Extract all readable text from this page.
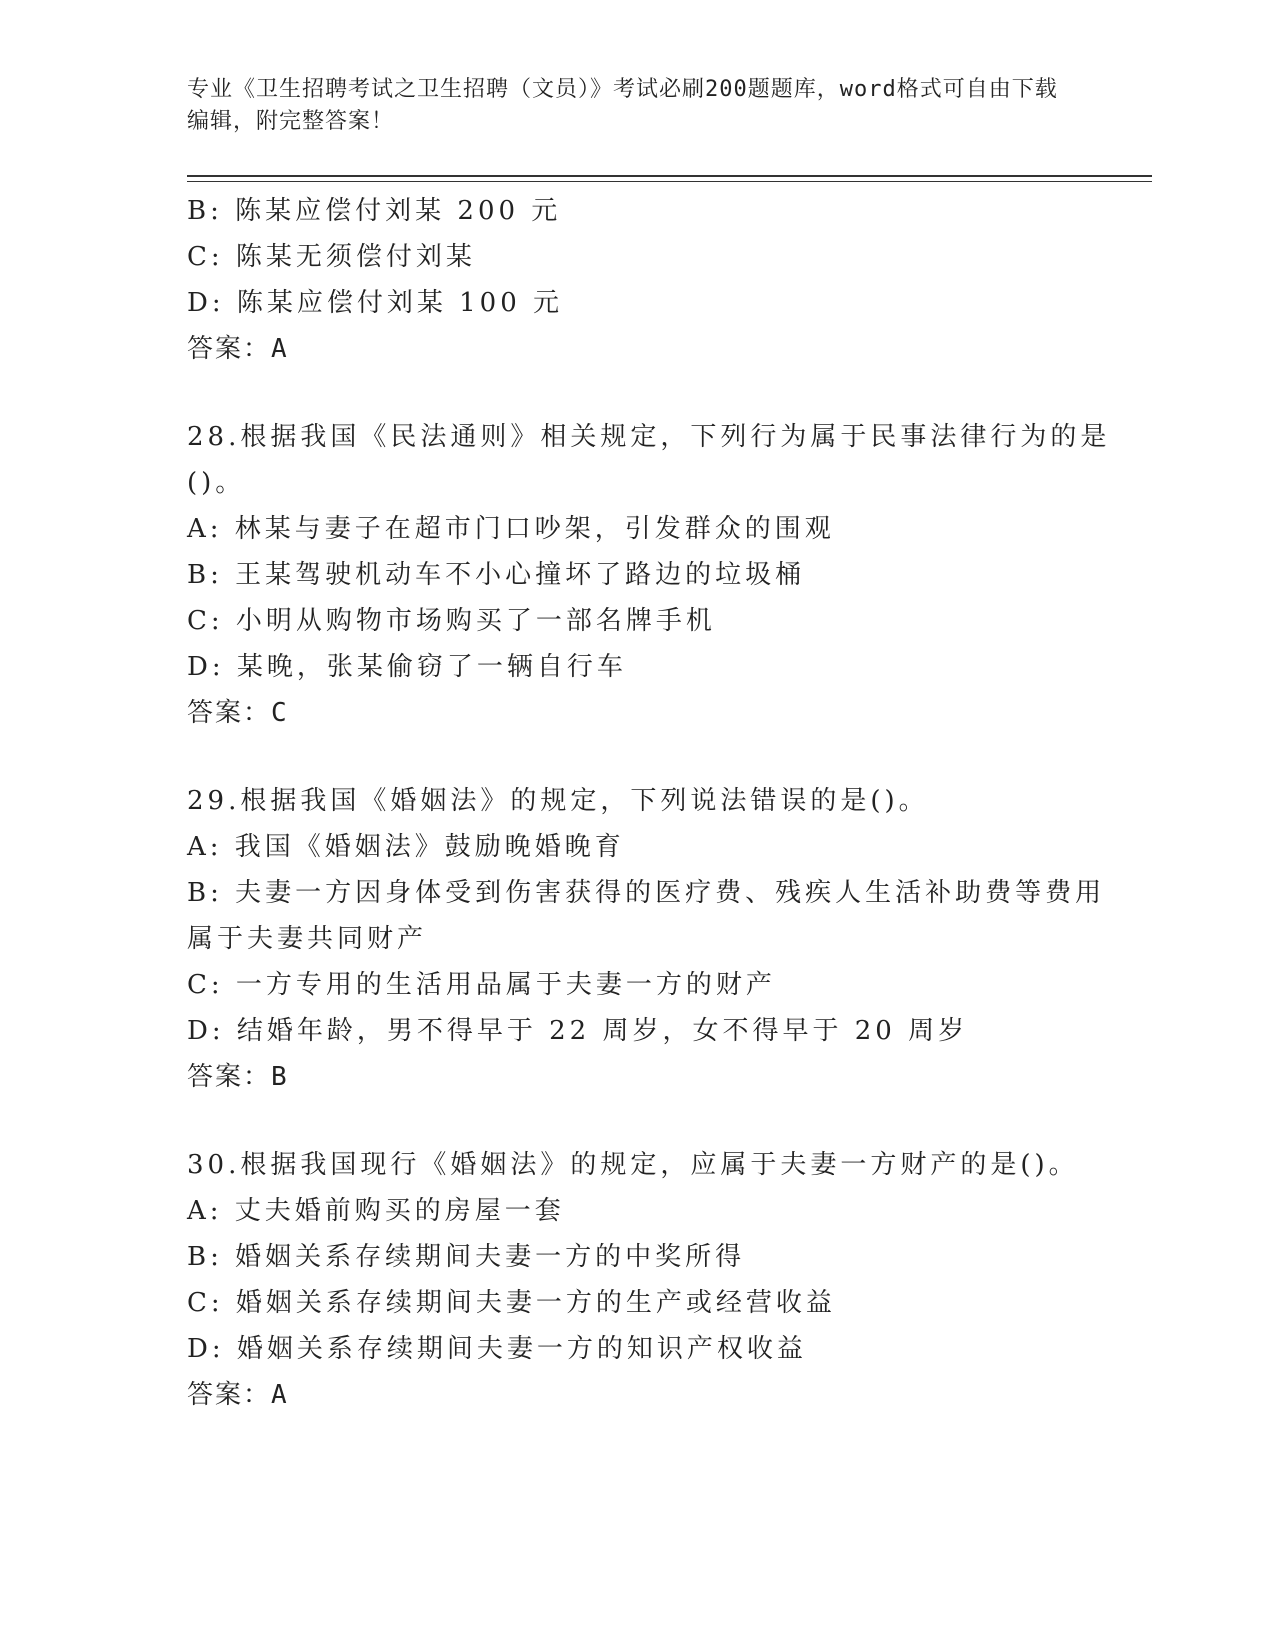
专业《卫生招聘考试之卫生招聘（文员）》考试必刷200题题库，word格式可自由下载编辑，附完整答案！
B: 陈某应偿付刘某 200 元
C: 陈某无须偿付刘某
D: 陈某应偿付刘某 100 元
答案：A
28.根据我国《民法通则》相关规定，下列行为属于民事法律行为的是
()。
A: 林某与妻子在超市门口吵架，引发群众的围观
B: 王某驾驶机动车不小心撞坏了路边的垃圾桶
C: 小明从购物市场购买了一部名牌手机
D: 某晚，张某偷窃了一辆自行车
答案：C
29.根据我国《婚姻法》的规定，下列说法错误的是()。
A: 我国《婚姻法》鼓励晚婚晚育
B: 夫妻一方因身体受到伤害获得的医疗费、残疾人生活补助费等费用
属于夫妻共同财产
C: 一方专用的生活用品属于夫妻一方的财产
D: 结婚年龄，男不得早于 22 周岁，女不得早于 20 周岁
答案：B
30.根据我国现行《婚姻法》的规定，应属于夫妻一方财产的是()。
A: 丈夫婚前购买的房屋一套
B: 婚姻关系存续期间夫妻一方的中奖所得
C: 婚姻关系存续期间夫妻一方的生产或经营收益
D: 婚姻关系存续期间夫妻一方的知识产权收益
答案：A
